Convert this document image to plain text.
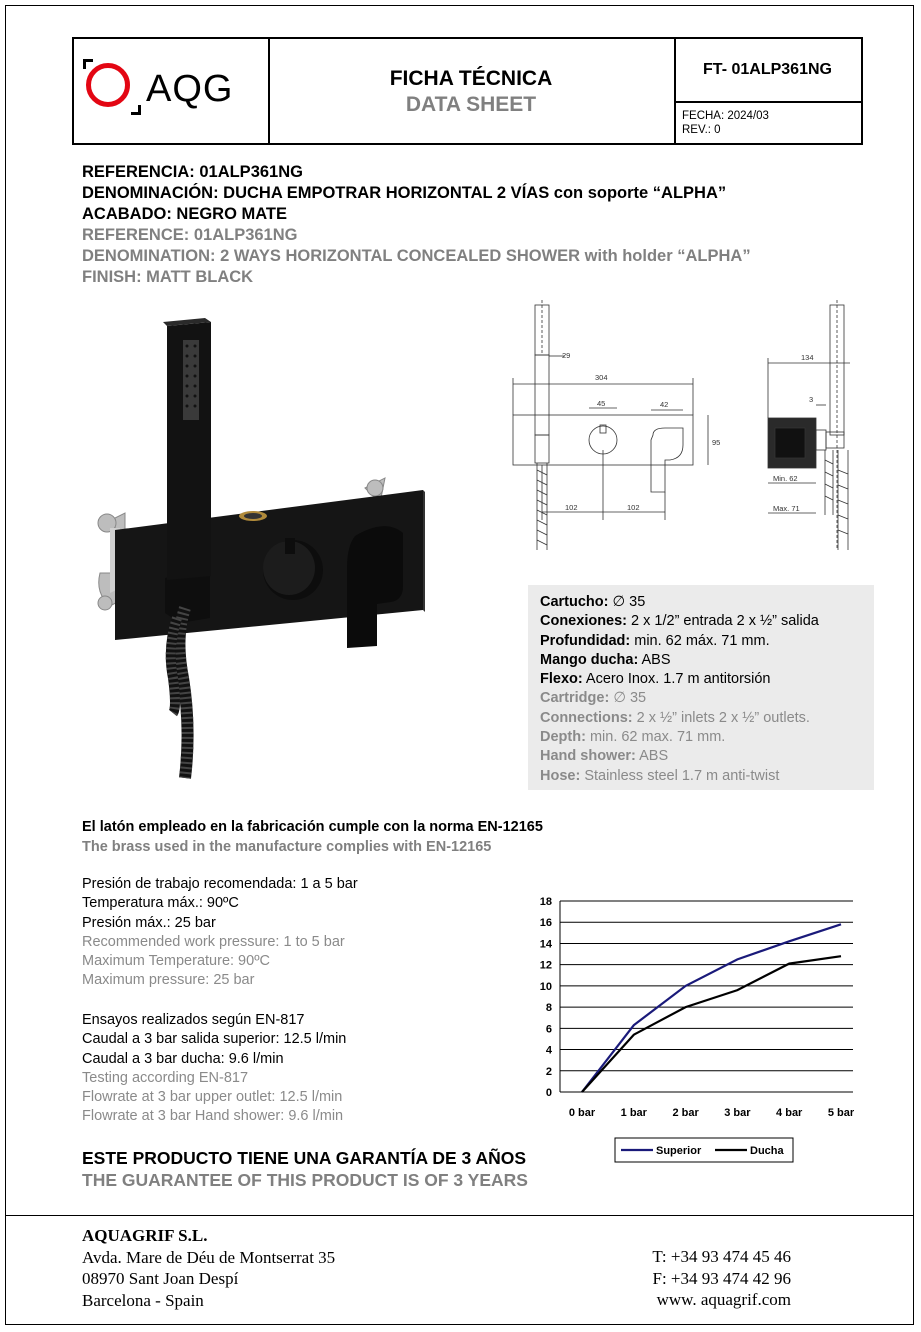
AQG	FICHA TÉCNICA
DATA SHEET
FT- 01ALP361NG
FECHA: 2024/03
REV.: 0
REFERENCIA: 01ALP361NG
DENOMINACIÓN: DUCHA EMPOTRAR HORIZONTAL 2 VÍAS con soporte “ALPHA”
ACABADO: NEGRO MATE
REFERENCE: 01ALP361NG
DENOMINATION: 2 WAYS HORIZONTAL CONCEALED SHOWER with holder “ALPHA”
FINISH: MATT BLACK
29
304
45	42
95
102	102
134
3
Min. 62
Max. 71
Cartucho: ∅ 35
Conexiones: 2 x 1/2” entrada 2 x ½” salida
Profundidad: min. 62 máx. 71 mm.
Mango ducha: ABS
Flexo: Acero Inox. 1.7 m antitorsión
Cartridge: ∅ 35
Connections: 2 x ½” inlets 2 x ½” outlets.
Depth: min. 62 max. 71 mm.
Hand shower: ABS
Hose: Stainless steel 1.7 m anti-twist
El latón empleado en la fabricación cumple con la norma EN-12165
The brass used in the manufacture complies with EN-12165
Presión de trabajo recomendada: 1 a 5 bar
Temperatura máx.: 90ºC
Presión máx.: 25 bar
Recommended work pressure: 1 to 5 bar
Maximum Temperature: 90ºC
Maximum pressure: 25 bar
Ensayos realizados según EN-817
Caudal a 3 bar salida superior: 12.5 l/min
Caudal a 3 bar ducha: 9.6 l/min
Testing according EN-817
Flowrate at 3 bar upper outlet: 12.5 l/min
Flowrate at 3 bar Hand shower: 9.6 l/min
ESTE PRODUCTO TIENE UNA GARANTÍA DE 3 AÑOS
THE GUARANTEE OF THIS PRODUCT IS OF 3 YEARS
0
2
4
6
8
10
12
14
16
18
0 bar 1 bar 2 bar 3 bar 4 bar 5 bar
Superior	Ducha
AQUAGRIF S.L.
Avda. Mare de Déu de Montserrat 35
08970 Sant Joan Despí
Barcelona - Spain
T: +34 93 474 45 46
F: +34 93 474 42 96
www. aquagrif.com
